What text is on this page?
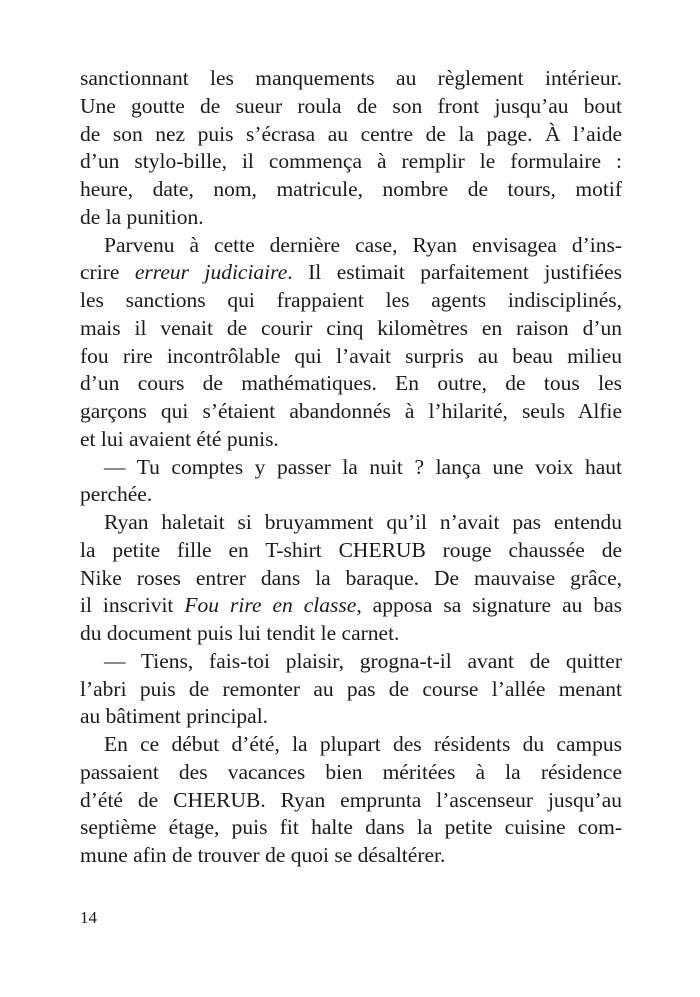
sanctionnant les manquements au règlement intérieur.
Une goutte de sueur roula de son front jusqu’au bout
de son nez puis s’écrasa au centre de la page. À l’aide
d’un stylo-bille, il commença à remplir le formulaire :
heure, date, nom, matricule, nombre de tours, motif
de la punition.
Parvenu à cette dernière case, Ryan envisagea d’ins-
crire erreur judiciaire. Il estimait parfaitement justifiées
les sanctions qui frappaient les agents indisciplinés,
mais il venait de courir cinq kilomètres en raison d’un
fou rire incontrôlable qui l’avait surpris au beau milieu
d’un cours de mathématiques. En outre, de tous les
garçons qui s’étaient abandonnés à l’hilarité, seuls Alfie
et lui avaient été punis.
— Tu comptes y passer la nuit ? lança une voix haut
perchée.
Ryan haletait si bruyamment qu’il n’avait pas entendu
la petite fille en T-shirt CHERUB rouge chaussée de
Nike roses entrer dans la baraque. De mauvaise grâce,
il inscrivit Fou rire en classe, apposa sa signature au bas
du document puis lui tendit le carnet.
— Tiens, fais-toi plaisir, grogna-t-il avant de quitter
l’abri puis de remonter au pas de course l’allée menant
au bâtiment principal.
En ce début d’été, la plupart des résidents du campus
passaient des vacances bien méritées à la résidence
d’été de CHERUB. Ryan emprunta l’ascenseur jusqu’au
septième étage, puis fit halte dans la petite cuisine com-
mune afin de trouver de quoi se désaltérer.
14
